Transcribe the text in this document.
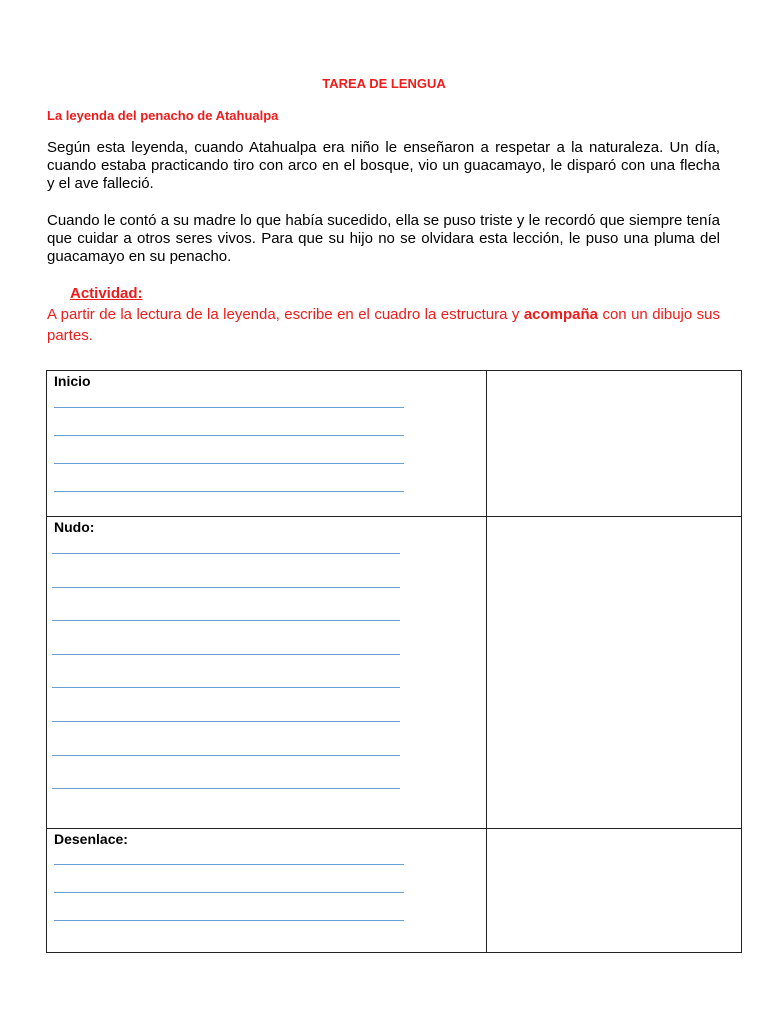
TAREA DE LENGUA
La leyenda del penacho de Atahualpa
Según esta leyenda, cuando Atahualpa era niño le enseñaron a respetar a la naturaleza. Un día, cuando estaba practicando tiro con arco en el bosque, vio un guacamayo, le disparó con una flecha y el ave falleció.
Cuando le contó a su madre lo que había sucedido, ella se puso triste y le recordó que siempre tenía que cuidar a otros seres vivos. Para que su hijo no se olvidara esta lección, le puso una pluma del guacamayo en su penacho.
Actividad:
A partir de la lectura de la leyenda, escribe en el cuadro la estructura y acompaña con un dibujo sus partes.
Inicio	

Nudo:	

Desenlace:	
